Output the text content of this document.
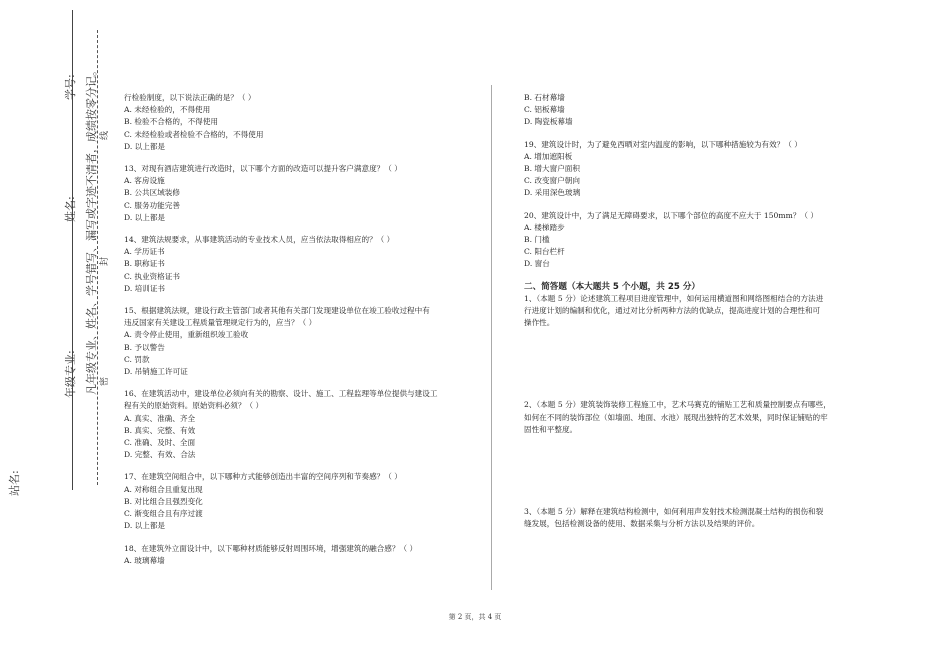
学号:
姓名:
年级专业:
站名:
凡年级专业、姓名、学号错写、漏写或字迹不清者，成绩按零分记。 密
封
线

行检验制度，以下说法正确的是？（ ）

A. 未经检验的，不得使用

B. 检验不合格的，不得使用

C. 未经检验或者检验不合格的，不得使用

D. 以上都是

13、对现有酒店建筑进行改造时，以下哪个方面的改造可以提升客户满意度？（ ）

A. 客房设施

B. 公共区域装修

C. 服务功能完善

D. 以上都是

14、建筑法规要求，从事建筑活动的专业技术人员，应当依法取得相应的？（ ）

A. 学历证书

B. 职称证书

C. 执业资格证书

D. 培训证书

15、根据建筑法规，建设行政主管部门或者其他有关部门发现建设单位在竣工验收过程中有

违反国家有关建设工程质量管理规定行为的，应当？（ ）

A. 责令停止使用，重新组织竣工验收

B. 予以警告

C. 罚款

D. 吊销施工许可证

16、在建筑活动中，建设单位必须向有关的勘察、设计、施工、工程监理等单位提供与建设工

程有关的原始资料。原始资料必须？（ ）

A. 真实、准确、齐全

B. 真实、完整、有效

C. 准确、及时、全面

D. 完整、有效、合法

17、在建筑空间组合中，以下哪种方式能够创造出丰富的空间序列和节奏感？（ ）

A. 对称组合且重复出现

B. 对比组合且强烈变化

C. 渐变组合且有序过渡

D. 以上都是

18、在建筑外立面设计中，以下哪种材质能够反射周围环境，增强建筑的融合感？（ ）

A. 玻璃幕墙

B. 石材幕墙

C. 铝板幕墙

D. 陶瓷板幕墙

19、建筑设计时，为了避免西晒对室内温度的影响，以下哪种措施较为有效？（ ）

A. 增加遮阳板

B. 增大窗户面积

C. 改变窗户朝向

D. 采用深色玻璃

20、建筑设计中，为了满足无障碍要求，以下哪个部位的高度不应大于 150mm？（ ）

A. 楼梯踏步

B. 门槛

C. 阳台栏杆

D. 窗台

二、简答题（本大题共 5 个小题，共 25 分）

1、（本题 5 分）论述建筑工程项目进度管理中，如何运用横道图和网络图相结合的方法进

行进度计划的编制和优化，通过对比分析两种方法的优缺点，提高进度计划的合理性和可

操作性。

2、（本题 5 分）建筑装饰装修工程施工中，艺术马赛克的铺贴工艺和质量控制要点有哪些，

如何在不同的装饰部位（如墙面、地面、水池）展现出独特的艺术效果，同时保证铺贴的牢

固性和平整度。

3、（本题 5 分）解释在建筑结构检测中，如何利用声发射技术检测混凝土结构的损伤和裂

缝发展，包括检测设备的使用、数据采集与分析方法以及结果的评价。

第 2 页，共 4 页
